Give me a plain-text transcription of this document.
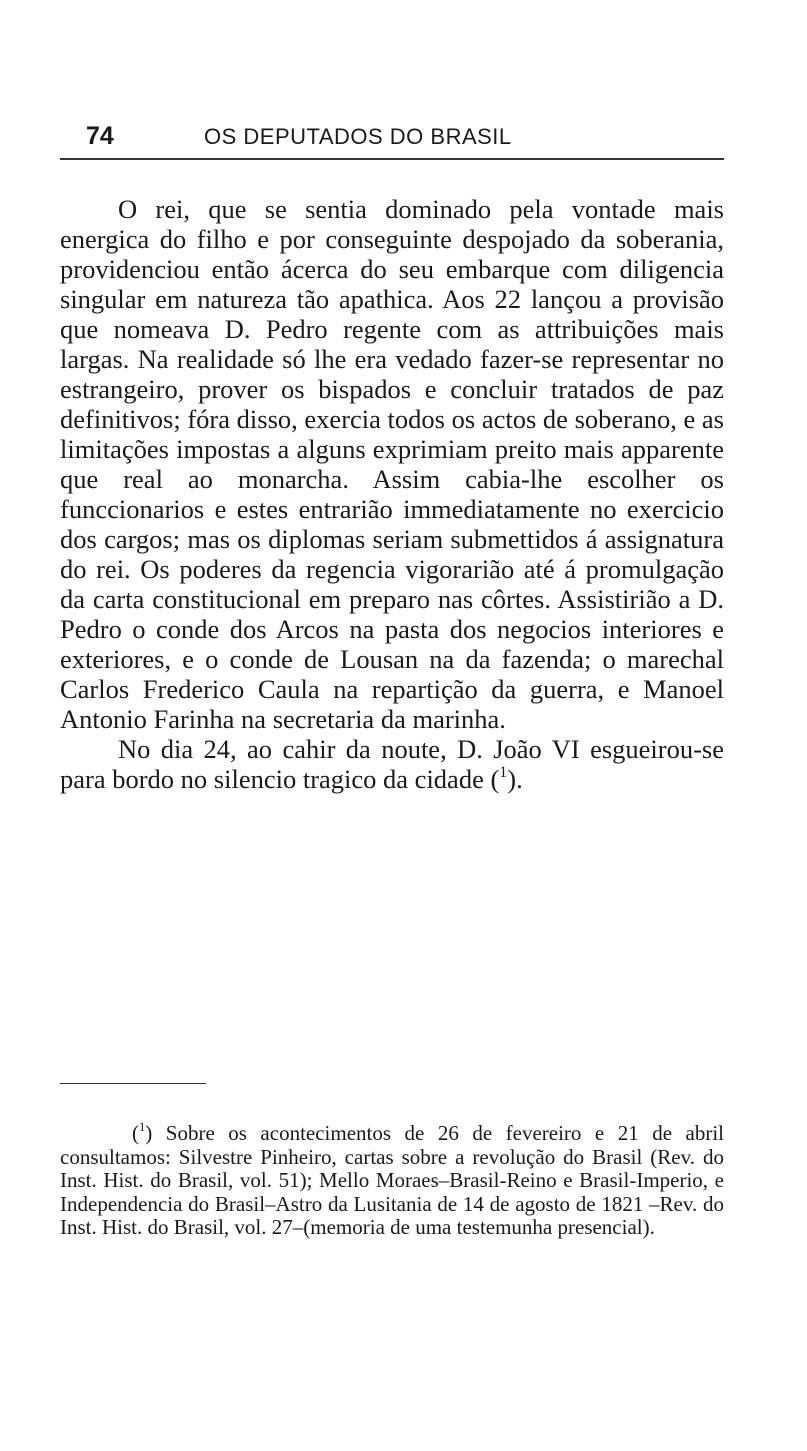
74	OS DEPUTADOS DO BRASIL

O rei, que se sentia dominado pela vontade mais energica do filho e por conseguinte despojado da soberania, providenciou então ácerca do seu embarque com diligencia singular em natureza tão apathica. Aos 22 lançou a provisão que nomeava D. Pedro regente com as attribuições mais largas. Na realidade só lhe era vedado fazer-se representar no estrangeiro, prover os bispados e concluir tratados de paz definitivos; fóra disso, exercia todos os actos de soberano, e as limitações impostas a alguns exprimiam preito mais apparente que real ao monarcha. Assim cabia-lhe escolher os funccionarios e estes entrarião immediatamente no exercicio dos cargos; mas os diplomas seriam submettidos á assignatura do rei. Os poderes da regencia vigorarião até á promulgação da carta constitucional em preparo nas côrtes. Assistirião a D. Pedro o conde dos Arcos na pasta dos negocios interiores e exteriores, e o conde de Lousan na da fazenda; o marechal Carlos Frederico Caula na repartição da guerra, e Manoel Antonio Farinha na secretaria da marinha.

No dia 24, ao cahir da noute, D. João VI esgueirou-se para bordo no silencio tragico da cidade ($^1$).

($^1$) Sobre os acontecimentos de 26 de fevereiro e 21 de abril consultamos: Silvestre Pinheiro, cartas sobre a revolução do Brasil (Rev. do Inst. Hist. do Brasil, vol. 51); Mello Moraes–Brasil-Reino e Brasil-Imperio, e Independencia do Brasil–Astro da Lusitania de 14 de agosto de 1821 –Rev. do Inst. Hist. do Brasil, vol. 27–(memoria de uma testemunha presencial).
